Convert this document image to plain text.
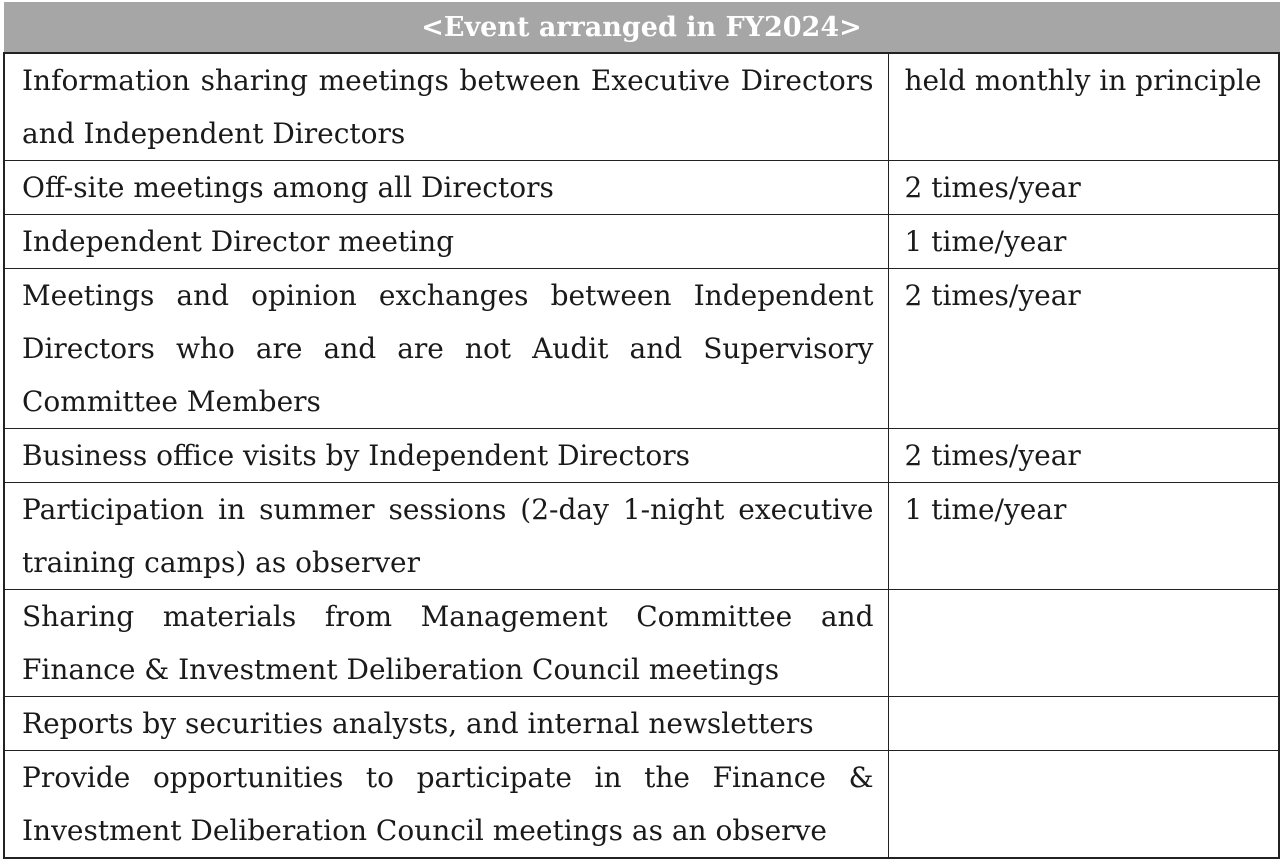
<Event arranged in FY2024>	
Information sharing meetings between Executive Directors and Independent Directors	held monthly in principle
Off-site meetings among all Directors	2 times/year
Independent Director meeting	1 time/year
Meetings and opinion exchanges between Independent Directors who are and are not Audit and Supervisory Committee Members	2 times/year
Business office visits by Independent Directors	2 times/year
Participation in summer sessions (2-day 1-night executive training camps) as observer	1 time/year
Sharing materials from Management Committee and Finance & Investment Deliberation Council meetings	
Reports by securities analysts, and internal newsletters	
Provide opportunities to participate in the Finance & Investment Deliberation Council meetings as an observe	
